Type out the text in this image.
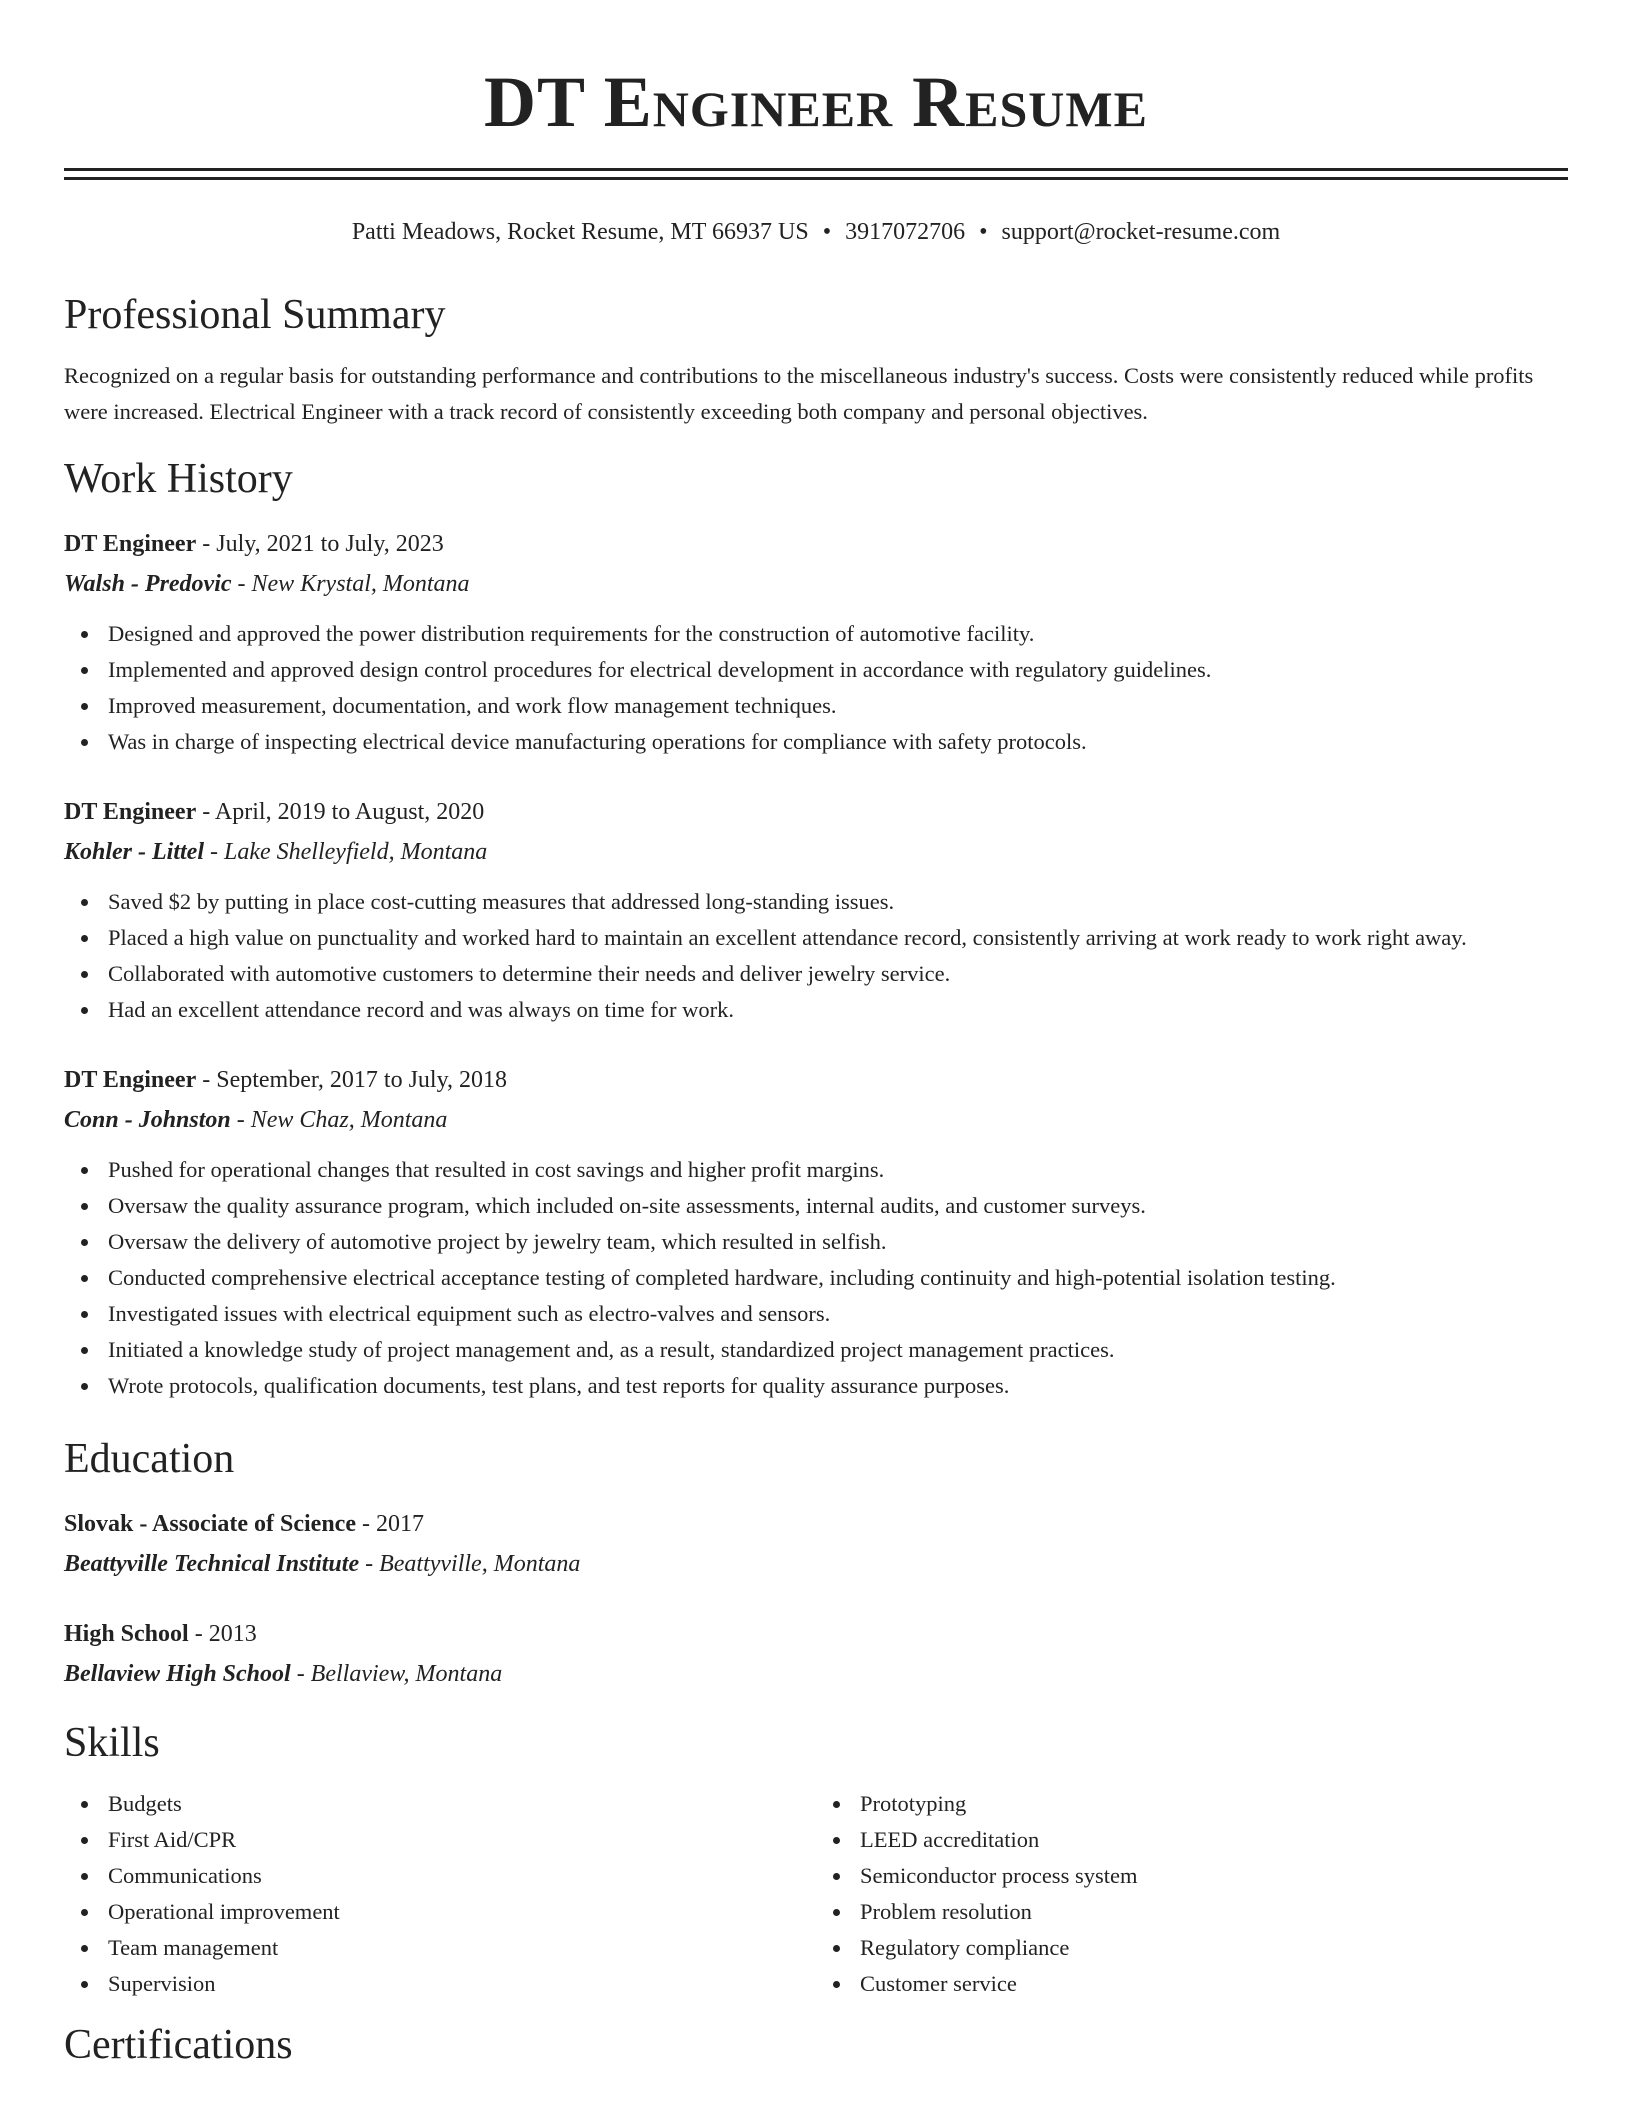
DT Engineer Resume
Patti Meadows, Rocket Resume, MT 66937 US • 3917072706 • support@rocket-resume.com
Professional Summary

Recognized on a regular basis for outstanding performance and contributions to the miscellaneous industry's success. Costs were consistently reduced while profits were increased. Electrical Engineer with a track record of consistently exceeding both company and personal objectives.

Work History
DT Engineer - July, 2021 to July, 2023
Walsh - Predovic - New Krystal, Montana
Designed and approved the power distribution requirements for the construction of automotive facility.
Implemented and approved design control procedures for electrical development in accordance with regulatory guidelines.
Improved measurement, documentation, and work flow management techniques.
Was in charge of inspecting electrical device manufacturing operations for compliance with safety protocols.
DT Engineer - April, 2019 to August, 2020
Kohler - Littel - Lake Shelleyfield, Montana
Saved $2 by putting in place cost-cutting measures that addressed long-standing issues.
Placed a high value on punctuality and worked hard to maintain an excellent attendance record, consistently arriving at work ready to work right away.
Collaborated with automotive customers to determine their needs and deliver jewelry service.
Had an excellent attendance record and was always on time for work.
DT Engineer - September, 2017 to July, 2018
Conn - Johnston - New Chaz, Montana
Pushed for operational changes that resulted in cost savings and higher profit margins.
Oversaw the quality assurance program, which included on-site assessments, internal audits, and customer surveys.
Oversaw the delivery of automotive project by jewelry team, which resulted in selfish.
Conducted comprehensive electrical acceptance testing of completed hardware, including continuity and high-potential isolation testing.
Investigated issues with electrical equipment such as electro-valves and sensors.
Initiated a knowledge study of project management and, as a result, standardized project management practices.
Wrote protocols, qualification documents, test plans, and test reports for quality assurance purposes.
Education
Slovak - Associate of Science - 2017
Beattyville Technical Institute - Beattyville, Montana
High School - 2013
Bellaview High School - Bellaview, Montana
Skills
Budgets
First Aid/CPR
Communications
Operational improvement
Team management
Supervision
Prototyping
LEED accreditation
Semiconductor process system
Problem resolution
Regulatory compliance
Customer service
Certifications
